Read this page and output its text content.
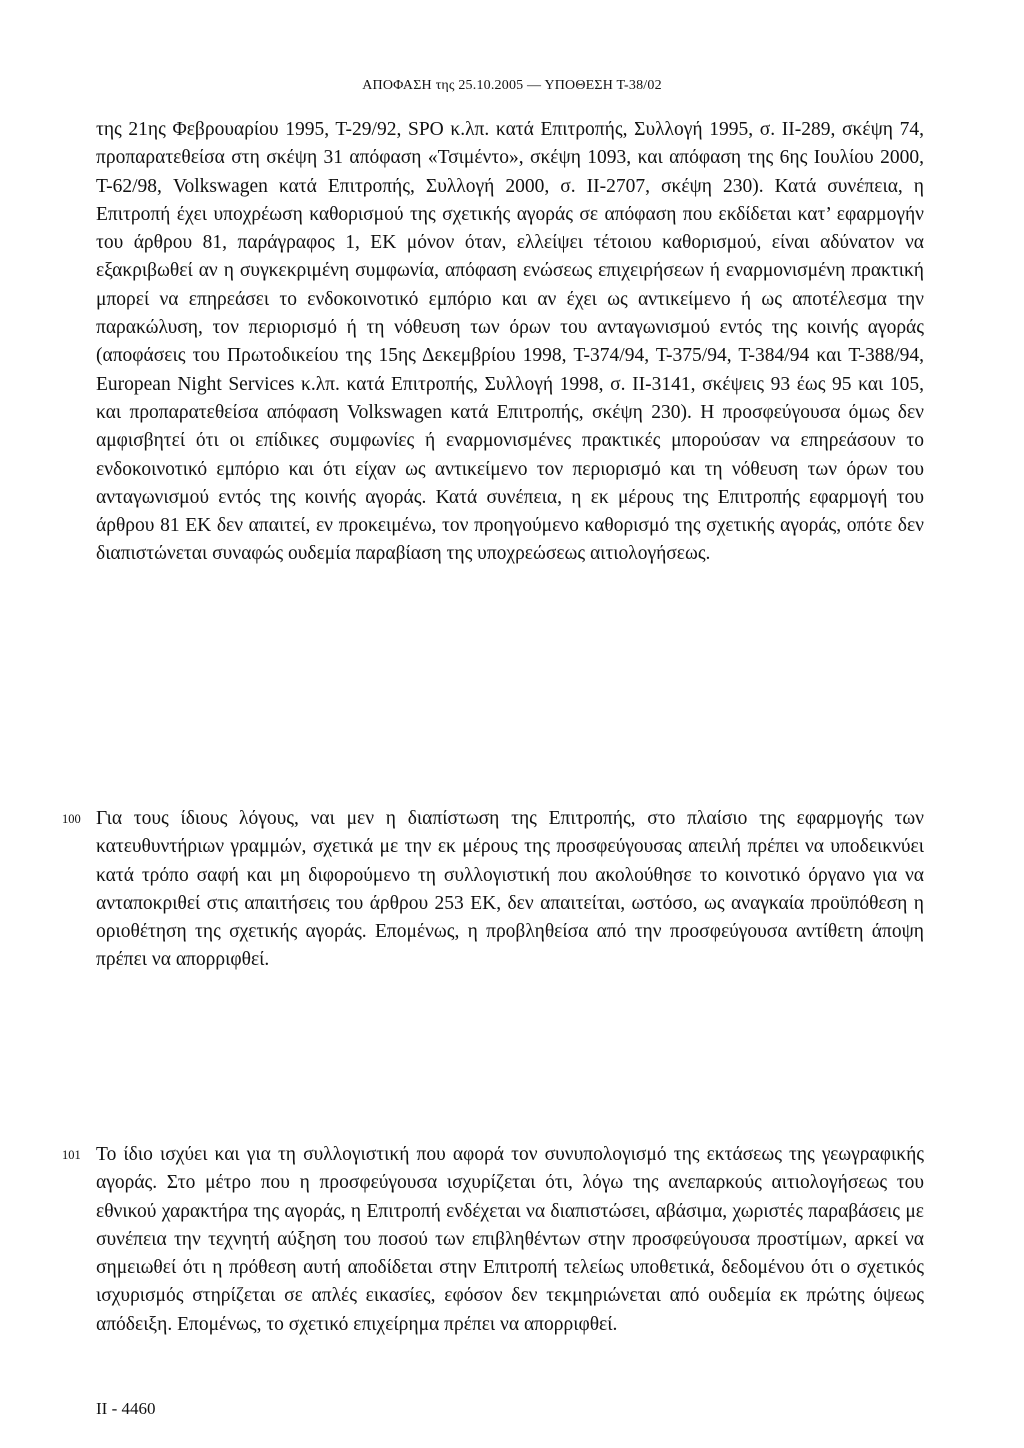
ΑΠΟΦΑΣΗ της 25.10.2005 — ΥΠΟΘΕΣΗ Τ-38/02

της 21ης Φεβρουαρίου 1995, Τ-29/92, SPO κ.λπ. κατά Επιτροπής, Συλλογή 1995, σ. II-289, σκέψη 74, προπαρατεθείσα στη σκέψη 31 απόφαση «Τσιμέντο», σκέψη 1093, και απόφαση της 6ης Ιουλίου 2000, Τ-62/98, Volkswagen κατά Επιτροπής, Συλλογή 2000, σ. II-2707, σκέψη 230). Κατά συνέπεια, η Επιτροπή έχει υποχρέωση καθορισμού της σχετικής αγοράς σε απόφαση που εκδίδεται κατ’ εφαρμογήν του άρθρου 81, παράγραφος 1, ΕΚ μόνον όταν, ελλείψει τέτοιου καθορισμού, είναι αδύνατον να εξακριβωθεί αν η συγκεκριμένη συμφωνία, απόφαση ενώσεως επιχειρήσεων ή εναρμονισμένη πρακτική μπορεί να επηρεάσει το ενδοκοινοτικό εμπόριο και αν έχει ως αντικείμενο ή ως αποτέλεσμα την παρακώλυση, τον περιορισμό ή τη νόθευση των όρων του ανταγωνισμού εντός της κοινής αγοράς (αποφάσεις του Πρωτοδικείου της 15ης Δεκεμβρίου 1998, Τ-374/94, Τ-375/94, Τ-384/94 και Τ-388/94, European Night Services κ.λπ. κατά Επιτροπής, Συλλογή 1998, σ. II-3141, σκέψεις 93 έως 95 και 105, και προπαρατεθείσα απόφαση Volkswagen κατά Επιτροπής, σκέψη 230). Η προσφεύγουσα όμως δεν αμφισβητεί ότι οι επίδικες συμφωνίες ή εναρμονισμένες πρακτικές μπορούσαν να επηρεάσουν το ενδοκοινοτικό εμπόριο και ότι είχαν ως αντικείμενο τον περιορισμό και τη νόθευση των όρων του ανταγωνισμού εντός της κοινής αγοράς. Κατά συνέπεια, η εκ μέρους της Επιτροπής εφαρμογή του άρθρου 81 ΕΚ δεν απαιτεί, εν προκειμένω, τον προηγούμενο καθορισμό της σχετικής αγοράς, οπότε δεν διαπιστώνεται συναφώς ουδεμία παραβίαση της υποχρεώσεως αιτιολογήσεως.

100 Για τους ίδιους λόγους, ναι μεν η διαπίστωση της Επιτροπής, στο πλαίσιο της εφαρμογής των κατευθυντήριων γραμμών, σχετικά με την εκ μέρους της προσφεύγουσας απειλή πρέπει να υποδεικνύει κατά τρόπο σαφή και μη διφορούμενο τη συλλογιστική που ακολούθησε το κοινοτικό όργανο για να ανταποκριθεί στις απαιτήσεις του άρθρου 253 ΕΚ, δεν απαιτείται, ωστόσο, ως αναγκαία προϋπόθεση η οριοθέτηση της σχετικής αγοράς. Επομένως, η προβληθείσα από την προσφεύγουσα αντίθετη άποψη πρέπει να απορριφθεί.

101 Το ίδιο ισχύει και για τη συλλογιστική που αφορά τον συνυπολογισμό της εκτάσεως της γεωγραφικής αγοράς. Στο μέτρο που η προσφεύγουσα ισχυρίζεται ότι, λόγω της ανεπαρκούς αιτιολογήσεως του εθνικού χαρακτήρα της αγοράς, η Επιτροπή ενδέχεται να διαπιστώσει, αβάσιμα, χωριστές παραβάσεις με συνέπεια την τεχνητή αύξηση του ποσού των επιβληθέντων στην προσφεύγουσα προστίμων, αρκεί να σημειωθεί ότι η πρόθεση αυτή αποδίδεται στην Επιτροπή τελείως υποθετικά, δεδομένου ότι ο σχετικός ισχυρισμός στηρίζεται σε απλές εικασίες, εφόσον δεν τεκμηριώνεται από ουδεμία εκ πρώτης όψεως απόδειξη. Επομένως, το σχετικό επιχείρημα πρέπει να απορριφθεί.

II - 4460
